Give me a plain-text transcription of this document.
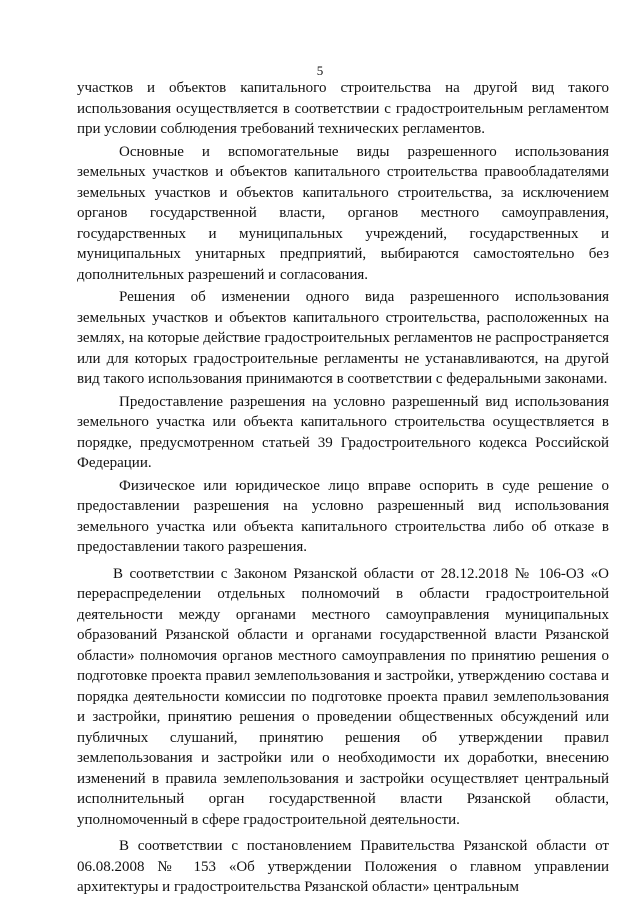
5

участков и объектов капитального строительства на другой вид такого использования осуществляется в соответствии с градостроительным регламентом при условии соблюдения требований технических регламентов.

Основные и вспомогательные виды разрешенного использования земельных участков и объектов капитального строительства правообладателями земельных участков и объектов капитального строительства, за исключением органов государственной власти, органов местного самоуправления, государственных и муниципальных учреждений, государственных и муниципальных унитарных предприятий, выбираются самостоятельно без дополнительных разрешений и согласования.

Решения об изменении одного вида разрешенного использования земельных участков и объектов капитального строительства, расположенных на землях, на которые действие градостроительных регламентов не распространяется или для которых градостроительные регламенты не устанавливаются, на другой вид такого использования принимаются в соответствии с федеральными законами.

Предоставление разрешения на условно разрешенный вид использования земельного участка или объекта капитального строительства осуществляется в порядке, предусмотренном статьей 39 Градостроительного кодекса Российской Федерации.

Физическое или юридическое лицо вправе оспорить в суде решение о предоставлении разрешения на условно разрешенный вид использования земельного участка или объекта капитального строительства либо об отказе в предоставлении такого разрешения.

В соответствии с Законом Рязанской области от 28.12.2018 № 106-ОЗ «О перераспределении отдельных полномочий в области градостроительной деятельности между органами местного самоуправления муниципальных образований Рязанской области и органами государственной власти Рязанской области» полномочия органов местного самоуправления по принятию решения о подготовке проекта правил землепользования и застройки, утверждению состава и порядка деятельности комиссии по подготовке проекта правил землепользования и застройки, принятию решения о проведении общественных обсуждений или публичных слушаний, принятию решения об утверждении правил землепользования и застройки или о необходимости их доработки, внесению изменений в правила землепользования и застройки осуществляет центральный исполнительный орган государственной власти Рязанской области, уполномоченный в сфере градостроительной деятельности.

В соответствии с постановлением Правительства Рязанской области от 06.08.2008 № 153 «Об утверждении Положения о главном управлении архитектуры и градостроительства Рязанской области» центральным
